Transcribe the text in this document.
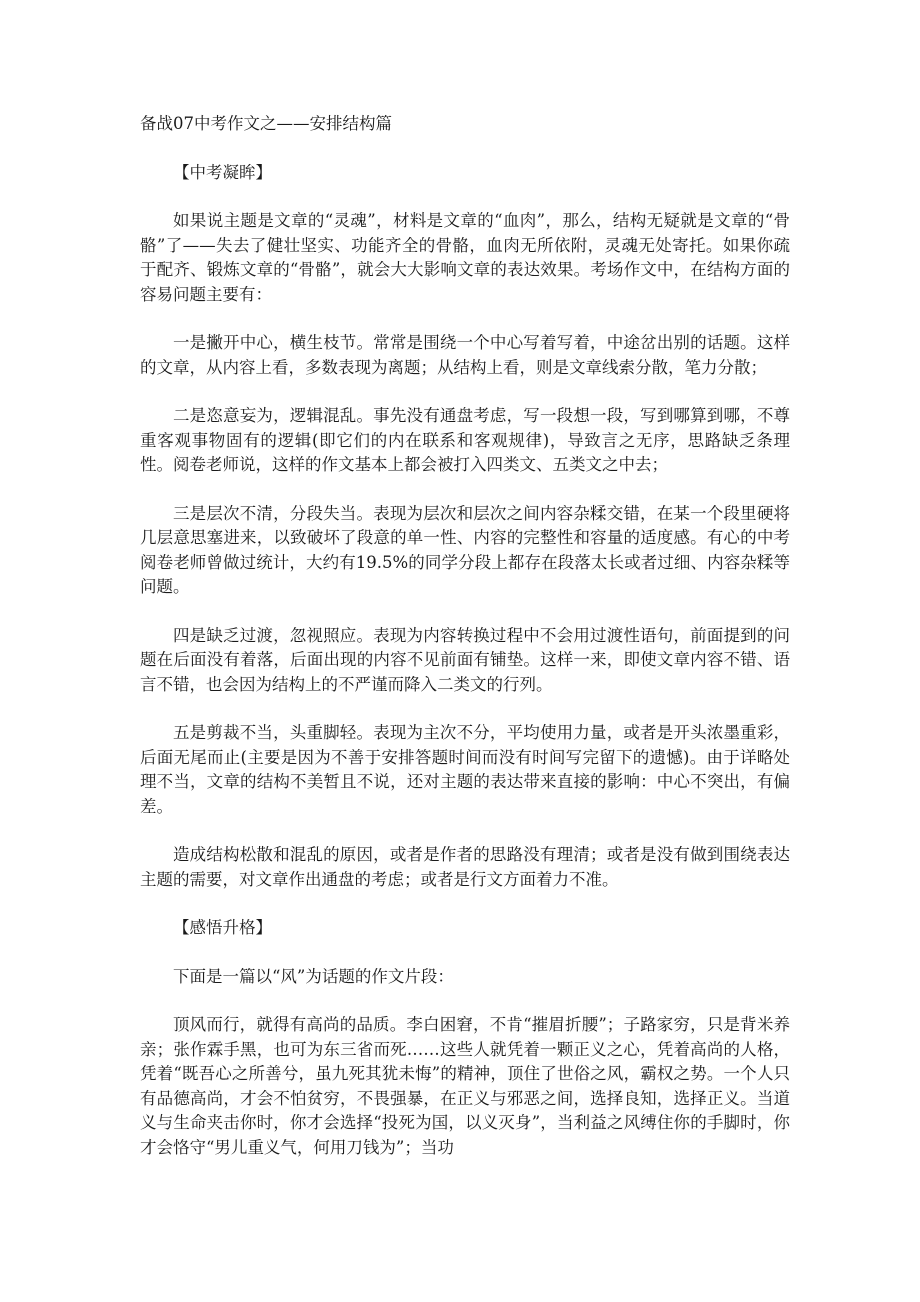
备战07中考作文之——安排结构篇

【中考凝眸】

如果说主题是文章的“灵魂”，材料是文章的“血肉”，那么，结构无疑就是文章的“骨骼”了——失去了健壮坚实、功能齐全的骨骼，血肉无所依附，灵魂无处寄托。如果你疏于配齐、锻炼文章的“骨骼”，就会大大影响文章的表达效果。考场作文中，在结构方面的容易问题主要有：

一是撇开中心，横生枝节。常常是围绕一个中心写着写着，中途岔出别的话题。这样的文章，从内容上看，多数表现为离题；从结构上看，则是文章线索分散，笔力分散；

二是恣意妄为，逻辑混乱。事先没有通盘考虑，写一段想一段，写到哪算到哪，不尊重客观事物固有的逻辑(即它们的内在联系和客观规律)，导致言之无序，思路缺乏条理性。阅卷老师说，这样的作文基本上都会被打入四类文、五类文之中去；

三是层次不清，分段失当。表现为层次和层次之间内容杂糅交错，在某一个段里硬将几层意思塞进来，以致破坏了段意的单一性、内容的完整性和容量的适度感。有心的中考阅卷老师曾做过统计，大约有19.5%的同学分段上都存在段落太长或者过细、内容杂糅等问题。

四是缺乏过渡，忽视照应。表现为内容转换过程中不会用过渡性语句，前面提到的问题在后面没有着落，后面出现的内容不见前面有铺垫。这样一来，即使文章内容不错、语言不错，也会因为结构上的不严谨而降入二类文的行列。

五是剪裁不当，头重脚轻。表现为主次不分，平均使用力量，或者是开头浓墨重彩，后面无尾而止(主要是因为不善于安排答题时间而没有时间写完留下的遗憾)。由于详略处理不当，文章的结构不美暂且不说，还对主题的表达带来直接的影响：中心不突出，有偏差。

造成结构松散和混乱的原因，或者是作者的思路没有理清；或者是没有做到围绕表达主题的需要，对文章作出通盘的考虑；或者是行文方面着力不准。

【感悟升格】

下面是一篇以“风”为话题的作文片段：

顶风而行，就得有高尚的品质。李白困窘，不肯“摧眉折腰”；子路家穷，只是背米养亲；张作霖手黑，也可为东三省而死……这些人就凭着一颗正义之心，凭着高尚的人格，凭着“既吾心之所善兮，虽九死其犹未悔”的精神，顶住了世俗之风，霸权之势。一个人只有品德高尚，才会不怕贫穷，不畏强暴，在正义与邪恶之间，选择良知，选择正义。当道义与生命夹击你时，你才会选择“投死为国，以义灭身”，当利益之风缚住你的手脚时，你才会恪守“男儿重义气，何用刀钱为”；当功
